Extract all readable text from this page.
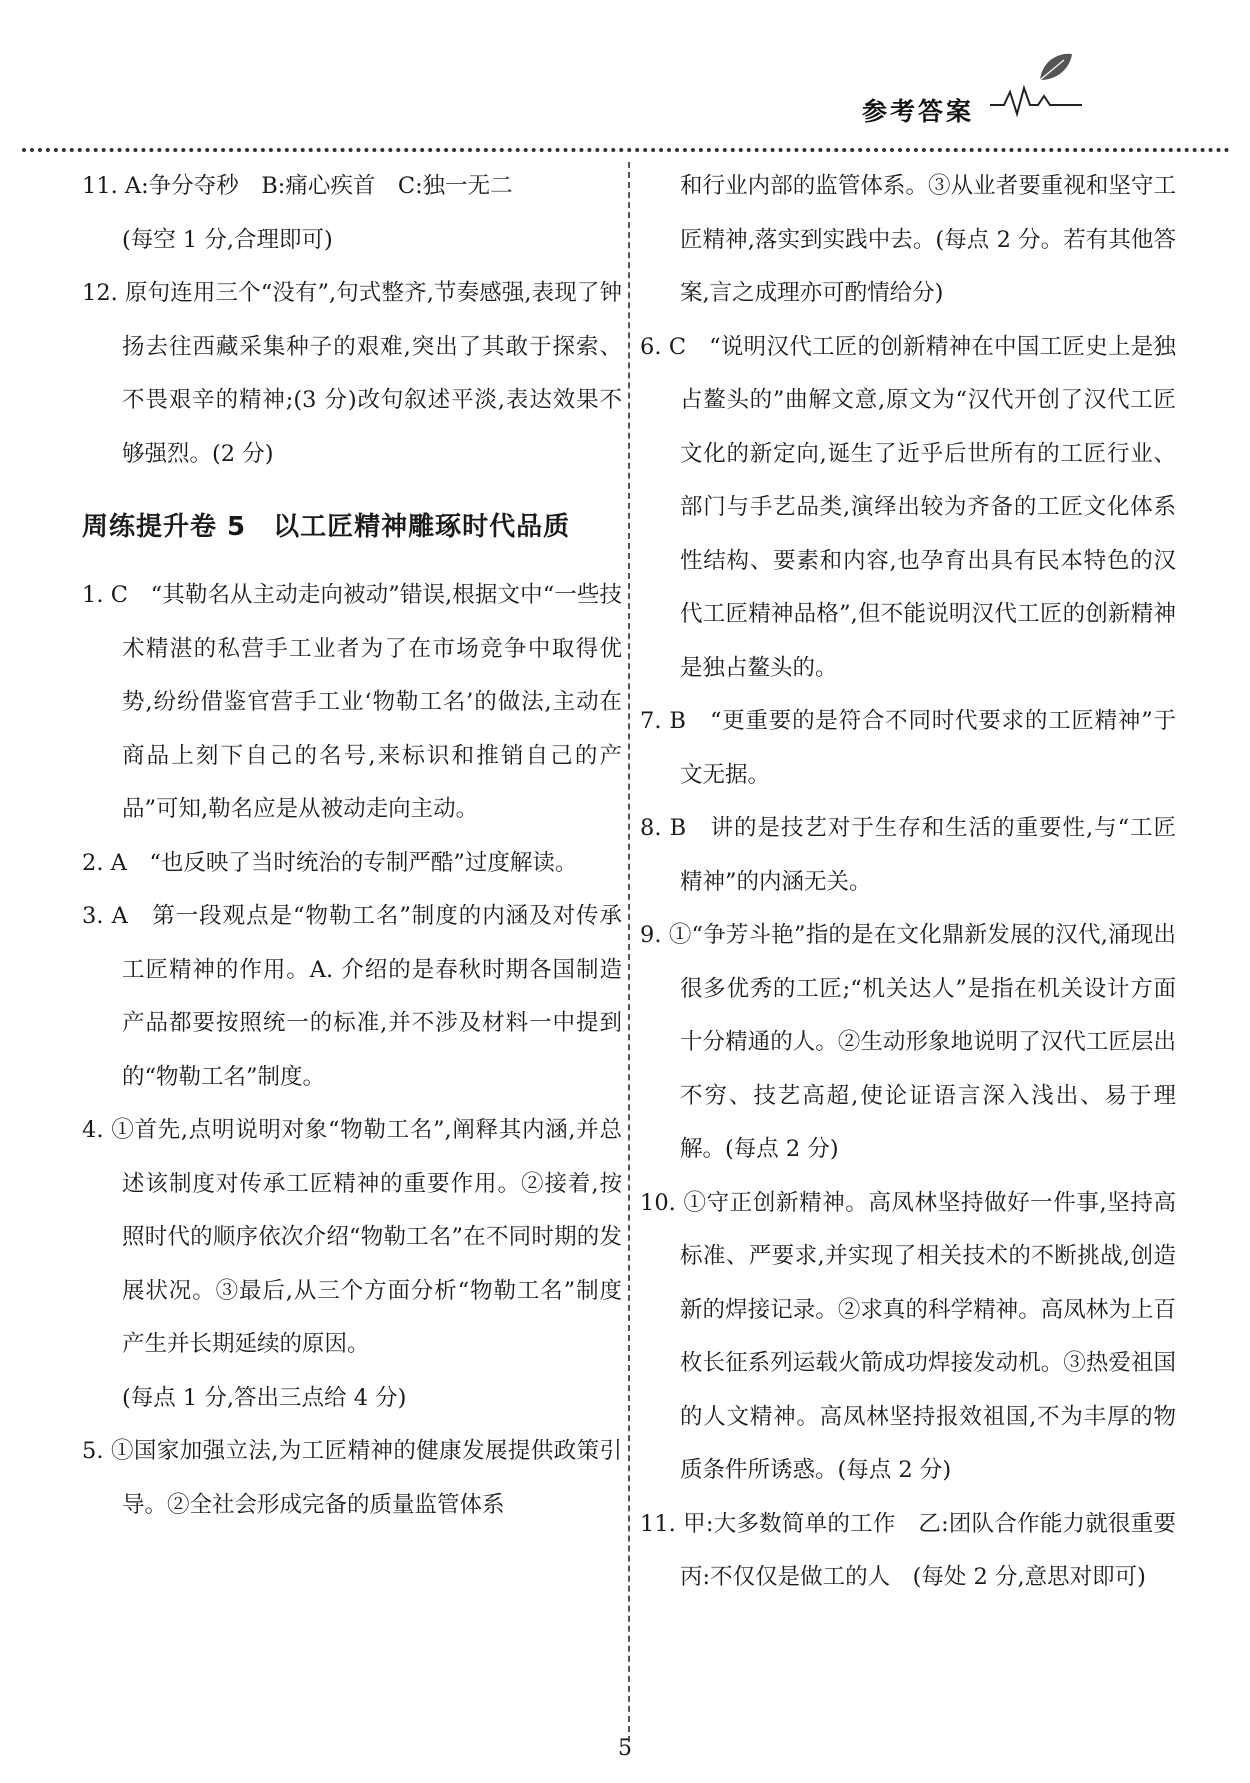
参考答案

11. A:争分夺秒　B:痛心疾首　C:独一无二

(每空 1 分,合理即可)

12. 原句连用三个“没有”,句式整齐,节奏感强,表现了钟扬去往西藏采集种子的艰难,突出了其敢于探索、不畏艰辛的精神;(3 分)改句叙述平淡,表达效果不够强烈。(2 分)

周练提升卷 5　以工匠精神雕琢时代品质

1. C　“其勒名从主动走向被动”错误,根据文中“一些技术精湛的私营手工业者为了在市场竞争中取得优势,纷纷借鉴官营手工业‘物勒工名’的做法,主动在商品上刻下自己的名号,来标识和推销自己的产品”可知,勒名应是从被动走向主动。

2. A　“也反映了当时统治的专制严酷”过度解读。

3. A　第一段观点是“物勒工名”制度的内涵及对传承工匠精神的作用。A. 介绍的是春秋时期各国制造产品都要按照统一的标准,并不涉及材料一中提到的“物勒工名”制度。

4. ①首先,点明说明对象“物勒工名”,阐释其内涵,并总述该制度对传承工匠精神的重要作用。②接着,按照时代的顺序依次介绍“物勒工名”在不同时期的发展状况。③最后,从三个方面分析“物勒工名”制度产生并长期延续的原因。

(每点 1 分,答出三点给 4 分)

5. ①国家加强立法,为工匠精神的健康发展提供政策引导。②全社会形成完备的质量监管体系

和行业内部的监管体系。③从业者要重视和坚守工匠精神,落实到实践中去。(每点 2 分。若有其他答案,言之成理亦可酌情给分)

6. C　“说明汉代工匠的创新精神在中国工匠史上是独占鳌头的”曲解文意,原文为“汉代开创了汉代工匠文化的新定向,诞生了近乎后世所有的工匠行业、部门与手艺品类,演绎出较为齐备的工匠文化体系性结构、要素和内容,也孕育出具有民本特色的汉代工匠精神品格”,但不能说明汉代工匠的创新精神是独占鳌头的。

7. B　“更重要的是符合不同时代要求的工匠精神”于文无据。

8. B　讲的是技艺对于生存和生活的重要性,与“工匠精神”的内涵无关。

9. ①“争芳斗艳”指的是在文化鼎新发展的汉代,涌现出很多优秀的工匠;“机关达人”是指在机关设计方面十分精通的人。②生动形象地说明了汉代工匠层出不穷、技艺高超,使论证语言深入浅出、易于理解。(每点 2 分)

10. ①守正创新精神。高凤林坚持做好一件事,坚持高标准、严要求,并实现了相关技术的不断挑战,创造新的焊接记录。②求真的科学精神。高凤林为上百枚长征系列运载火箭成功焊接发动机。③热爱祖国的人文精神。高凤林坚持报效祖国,不为丰厚的物质条件所诱惑。(每点 2 分)

11. 甲:大多数简单的工作　乙:团队合作能力就很重要　丙:不仅仅是做工的人　(每处 2 分,意思对即可)

5
